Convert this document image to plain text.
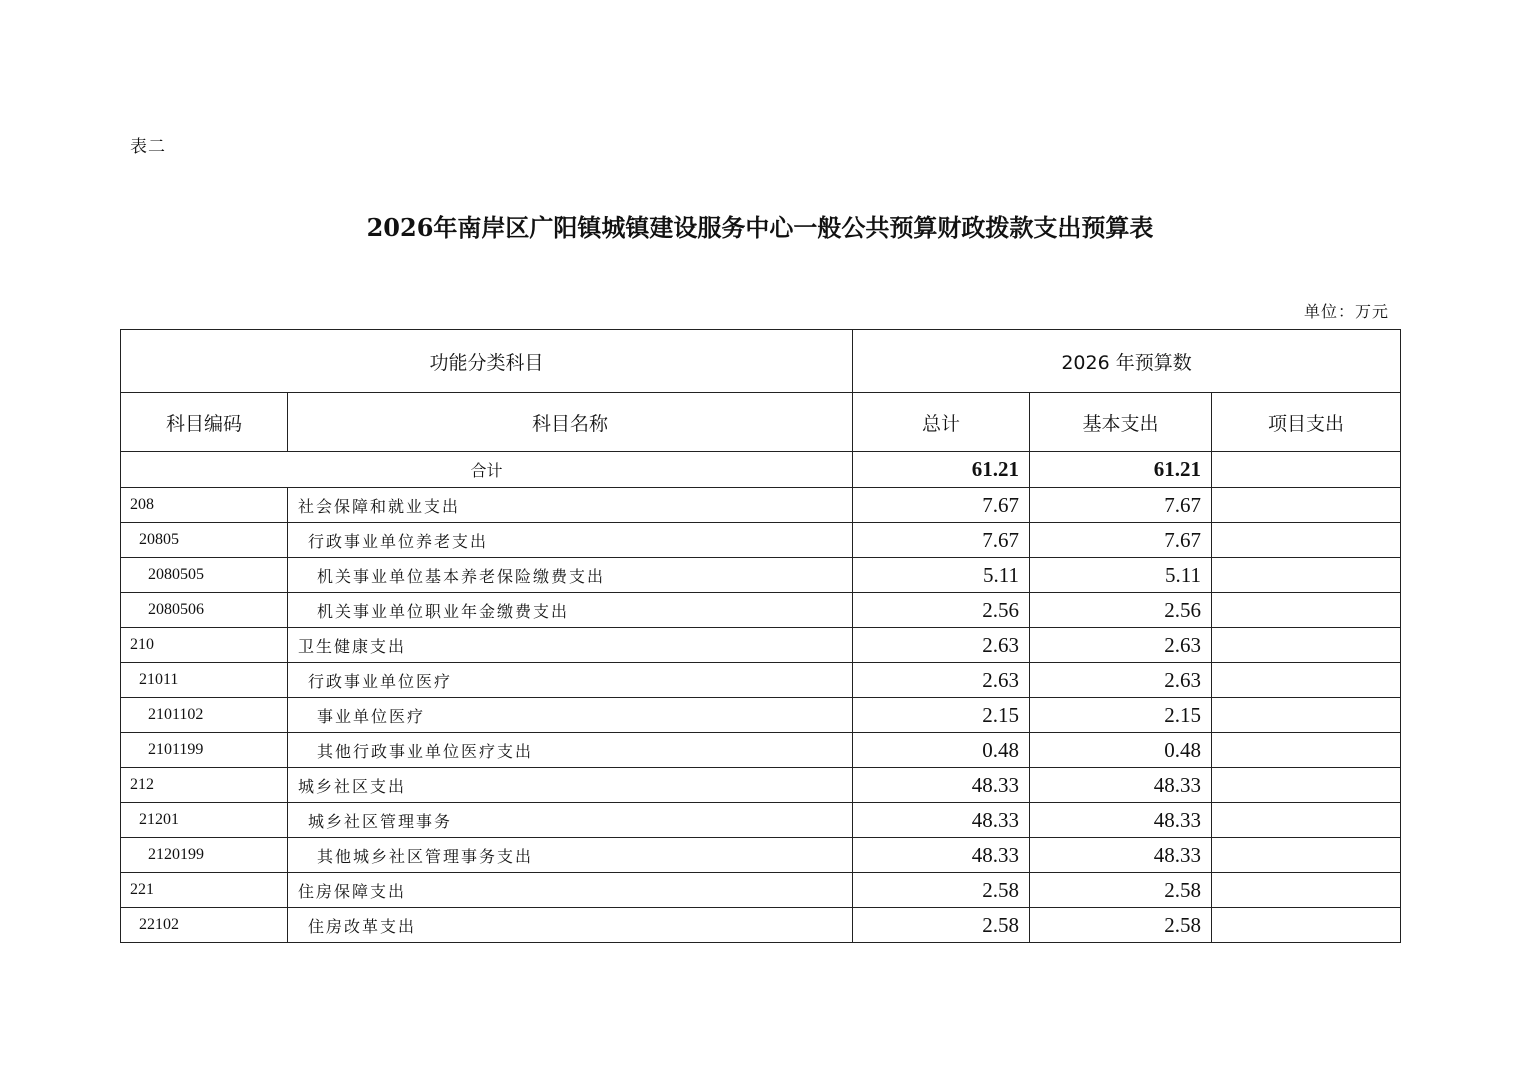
表二
2026年南岸区广阳镇城镇建设服务中心一般公共预算财政拨款支出预算表
单位：万元
功能分类科目		2026 年预算数		
科目编码	科目名称	总计	基本支出	项目支出
合计		61.21	61.21	
208	社会保障和就业支出	7.67	7.67	
20805	行政事业单位养老支出	7.67	7.67	
2080505	机关事业单位基本养老保险缴费支出	5.11	5.11	
2080506	机关事业单位职业年金缴费支出	2.56	2.56	
210	卫生健康支出	2.63	2.63	
21011	行政事业单位医疗	2.63	2.63	
2101102	事业单位医疗	2.15	2.15	
2101199	其他行政事业单位医疗支出	0.48	0.48	
212	城乡社区支出	48.33	48.33	
21201	城乡社区管理事务	48.33	48.33	
2120199	其他城乡社区管理事务支出	48.33	48.33	
221	住房保障支出	2.58	2.58	
22102	住房改革支出	2.58	2.58	
